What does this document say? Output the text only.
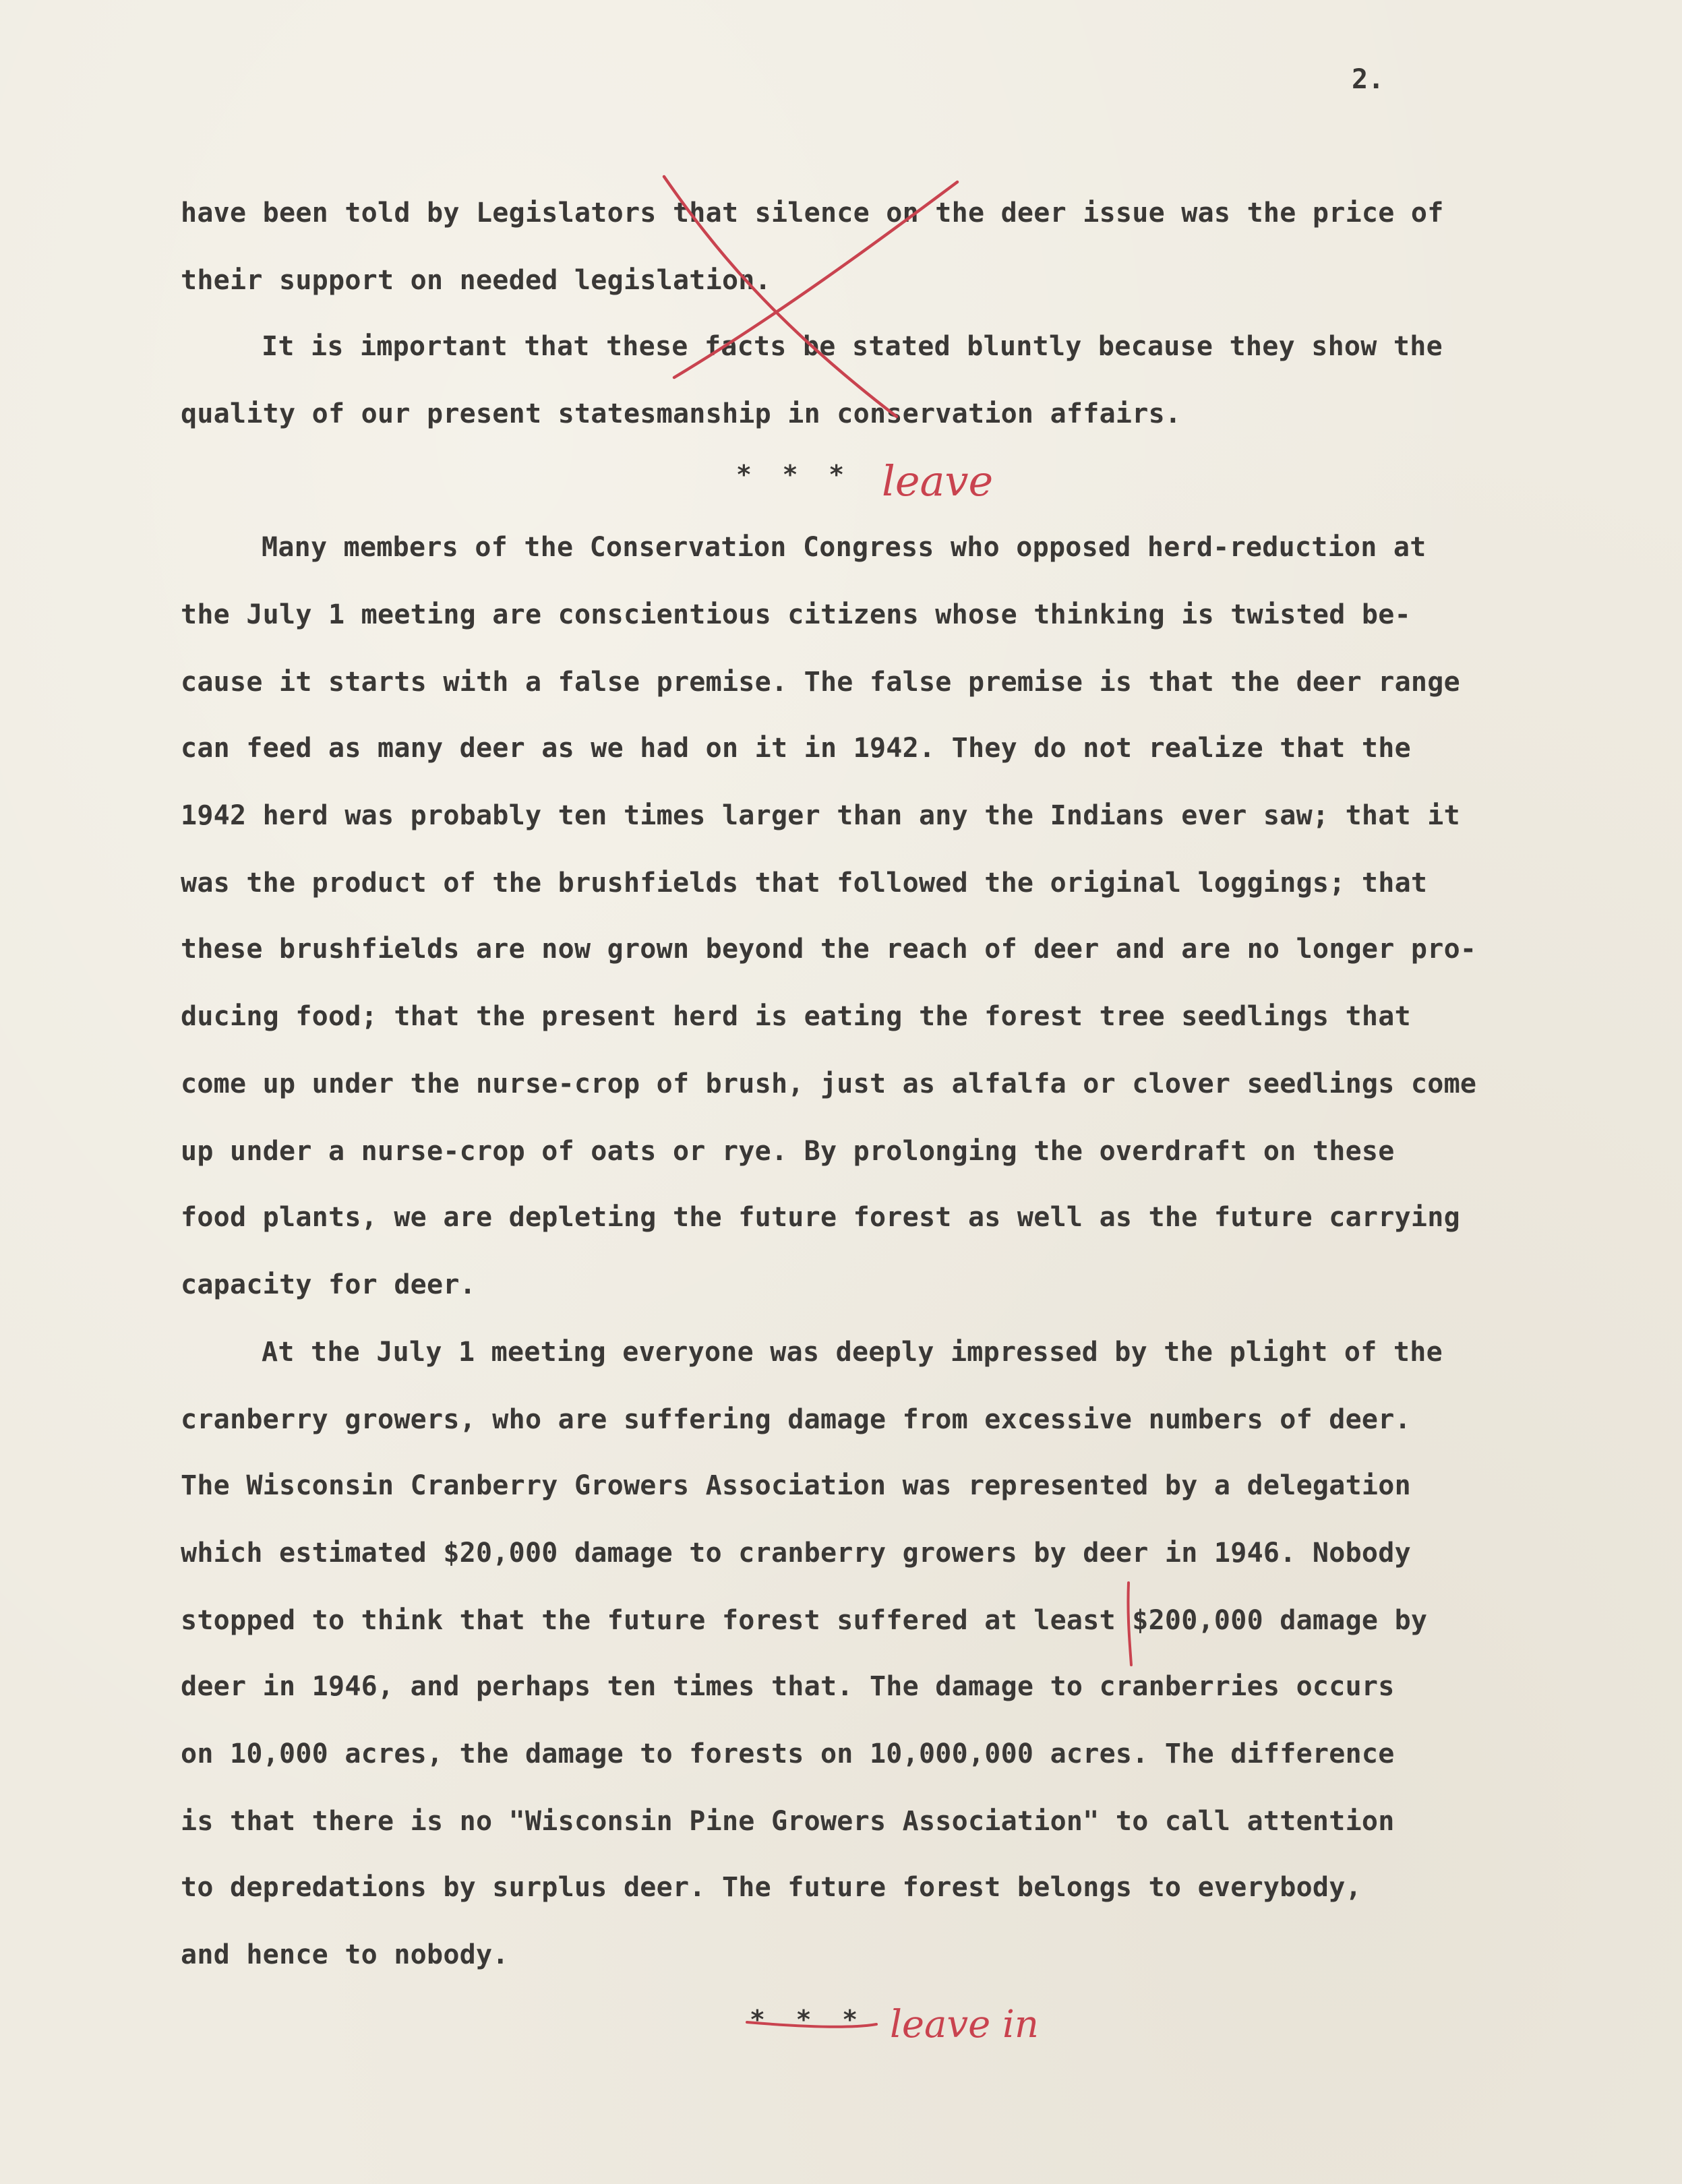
2.
have been told by Legislators that silence on the deer issue was the price of
their support on needed legislation.
It is important that these facts be stated bluntly because they show the
quality of our present statesmanship in conservation affairs.
*  *  *
Many members of the Conservation Congress who opposed herd-reduction at
the July 1 meeting are conscientious citizens whose thinking is twisted be-
cause it starts with a false premise. The false premise is that the deer range
can feed as many deer as we had on it in 1942. They do not realize that the
1942 herd was probably ten times larger than any the Indians ever saw; that it
was the product of the brushfields that followed the original loggings; that
these brushfields are now grown beyond the reach of deer and are no longer pro-
ducing food; that the present herd is eating the forest tree seedlings that
come up under the nurse-crop of brush, just as alfalfa or clover seedlings come
up under a nurse-crop of oats or rye. By prolonging the overdraft on these
food plants, we are depleting the future forest as well as the future carrying
capacity for deer.
At the July 1 meeting everyone was deeply impressed by the plight of the
cranberry growers, who are suffering damage from excessive numbers of deer.
The Wisconsin Cranberry Growers Association was represented by a delegation
which estimated $20,000 damage to cranberry growers by deer in 1946. Nobody
stopped to think that the future forest suffered at least $200,000 damage by
deer in 1946, and perhaps ten times that. The damage to cranberries occurs
on 10,000 acres, the damage to forests on 10,000,000 acres. The difference
is that there is no "Wisconsin Pine Growers Association" to call attention
to depredations by surplus deer. The future forest belongs to everybody,
and hence to nobody.
*  *  *
leave
leave in
